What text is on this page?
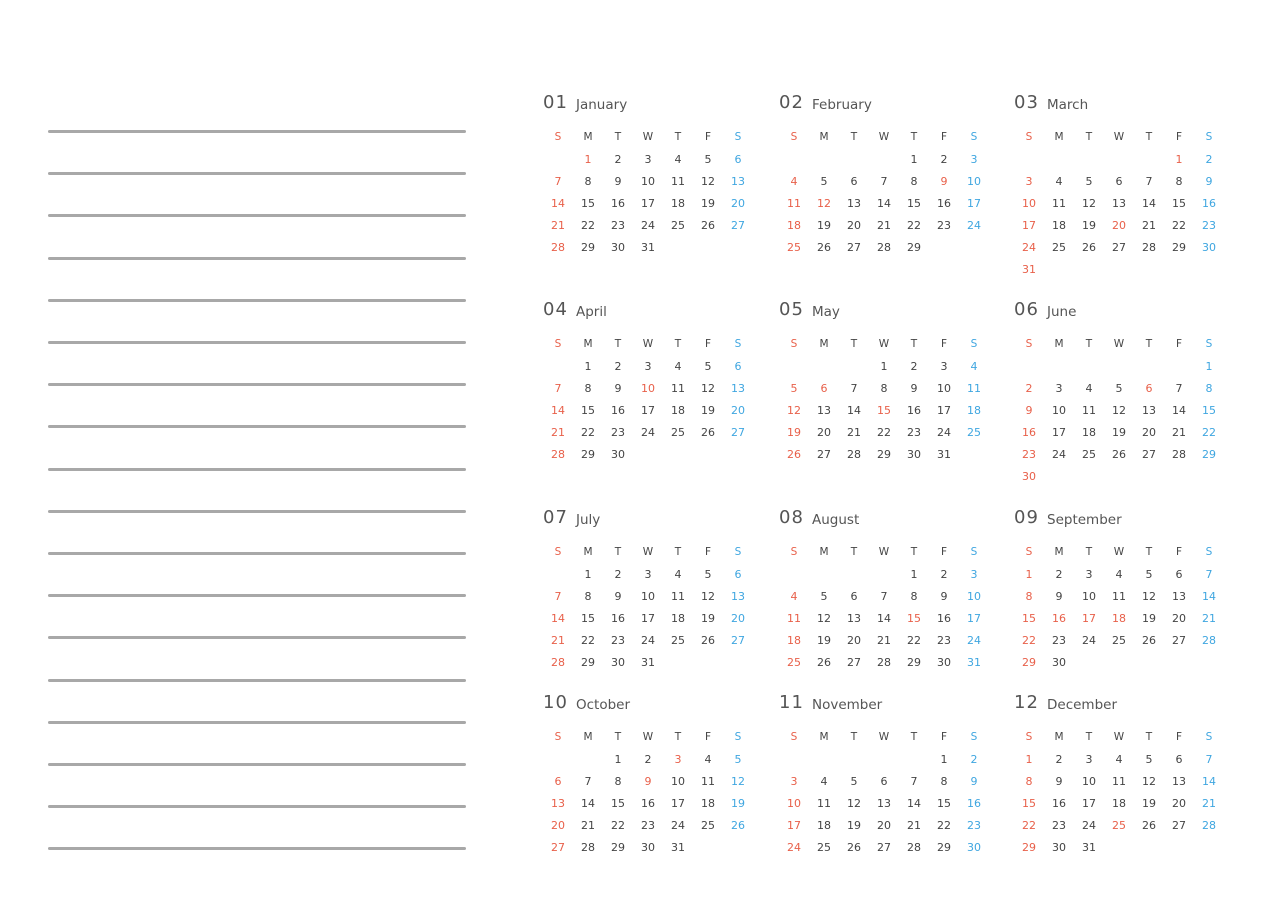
01 January
S	M	T	W	T	F	S
	1	2	3	4	5	6
7	8	9	10	11	12	13
14	15	16	17	18	19	20
21	22	23	24	25	26	27
28	29	30	31			
02 February
S	M	T	W	T	F	S
				1	2	3
4	5	6	7	8	9	10
11	12	13	14	15	16	17
18	19	20	21	22	23	24
25	26	27	28	29		
03 March
S	M	T	W	T	F	S
					1	2
3	4	5	6	7	8	9
10	11	12	13	14	15	16
17	18	19	20	21	22	23
24	25	26	27	28	29	30
31						
04 April
S	M	T	W	T	F	S
	1	2	3	4	5	6
7	8	9	10	11	12	13
14	15	16	17	18	19	20
21	22	23	24	25	26	27
28	29	30				
05 May
S	M	T	W	T	F	S
			1	2	3	4
5	6	7	8	9	10	11
12	13	14	15	16	17	18
19	20	21	22	23	24	25
26	27	28	29	30	31	
06 June
S	M	T	W	T	F	S
						1
2	3	4	5	6	7	8
9	10	11	12	13	14	15
16	17	18	19	20	21	22
23	24	25	26	27	28	29
30						
07 July
S	M	T	W	T	F	S
	1	2	3	4	5	6
7	8	9	10	11	12	13
14	15	16	17	18	19	20
21	22	23	24	25	26	27
28	29	30	31			
08 August
S	M	T	W	T	F	S
				1	2	3
4	5	6	7	8	9	10
11	12	13	14	15	16	17
18	19	20	21	22	23	24
25	26	27	28	29	30	31
09 September
S	M	T	W	T	F	S
1	2	3	4	5	6	7
8	9	10	11	12	13	14
15	16	17	18	19	20	21
22	23	24	25	26	27	28
29	30					
10 October
S	M	T	W	T	F	S
		1	2	3	4	5
6	7	8	9	10	11	12
13	14	15	16	17	18	19
20	21	22	23	24	25	26
27	28	29	30	31		
11 November
S	M	T	W	T	F	S
					1	2
3	4	5	6	7	8	9
10	11	12	13	14	15	16
17	18	19	20	21	22	23
24	25	26	27	28	29	30
12 December
S	M	T	W	T	F	S
1	2	3	4	5	6	7
8	9	10	11	12	13	14
15	16	17	18	19	20	21
22	23	24	25	26	27	28
29	30	31				
